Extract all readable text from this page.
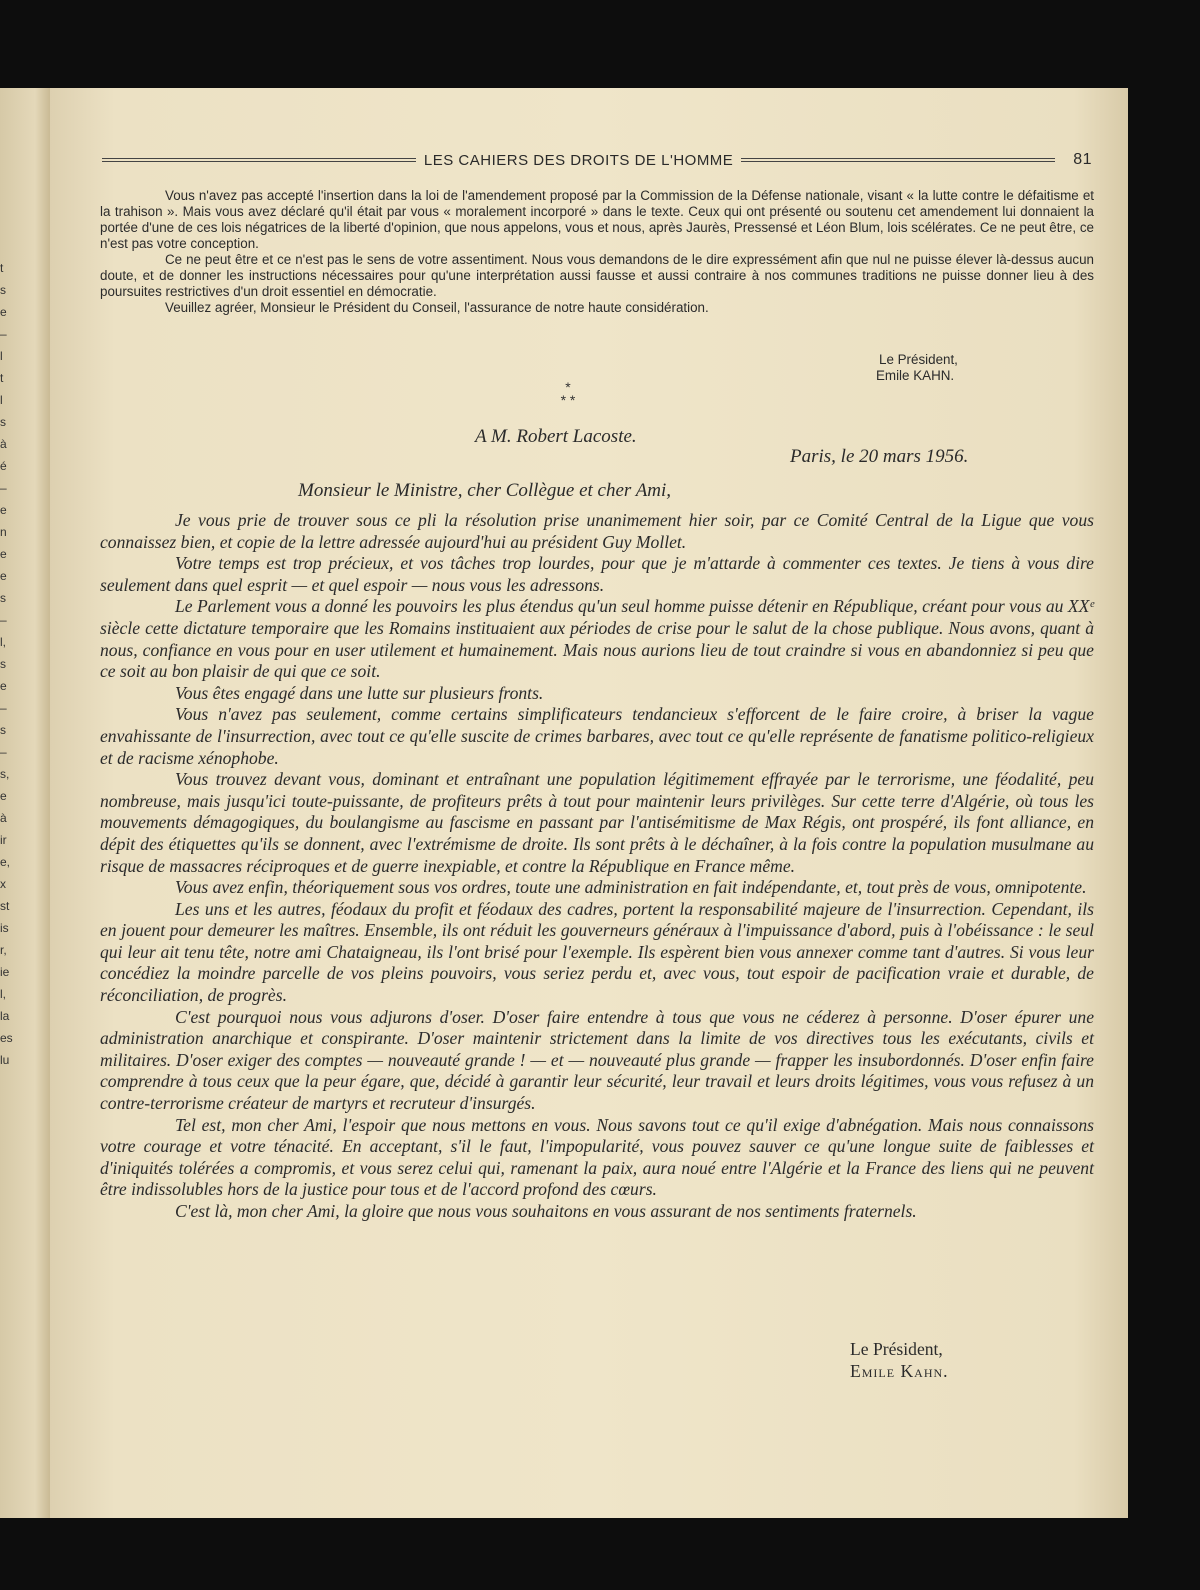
t
s
e
–
l
t
l
s
à
é
–
e
n
e
e
s
–
l,
s
e
–
s
–
s,
e
à
ir
e,
x
st
is
r,
ie
l,
la
es
lu
LES CAHIERS DES DROITS DE L'HOMME	81

Vous n'avez pas accepté l'insertion dans la loi de l'amendement proposé par la Commission de la Défense nationale, visant « la lutte contre le défaitisme et la trahison ». Mais vous avez déclaré qu'il était par vous « moralement incorporé » dans le texte. Ceux qui ont présenté ou soutenu cet amendement lui donnaient la portée d'une de ces lois négatrices de la liberté d'opinion, que nous appelons, vous et nous, après Jaurès, Pressensé et Léon Blum, lois scélérates. Ce ne peut être, ce n'est pas votre conception.

Ce ne peut être et ce n'est pas le sens de votre assentiment. Nous vous demandons de le dire expressément afin que nul ne puisse élever là-dessus aucun doute, et de donner les instructions nécessaires pour qu'une interprétation aussi fausse et aussi contraire à nos communes traditions ne puisse donner lieu à des poursuites restrictives d'un droit essentiel en démocratie.

Veuillez agréer, Monsieur le Président du Conseil, l'assurance de notre haute considération.

Le Président,
Emile KAHN.
*
* *
A M. Robert Lacoste.
Paris, le 20 mars 1956.
Monsieur le Ministre, cher Collègue et cher Ami,

Je vous prie de trouver sous ce pli la résolution prise unanimement hier soir, par ce Comité Central de la Ligue que vous connaissez bien, et copie de la lettre adressée aujourd'hui au président Guy Mollet.

Votre temps est trop précieux, et vos tâches trop lourdes, pour que je m'attarde à commenter ces textes. Je tiens à vous dire seulement dans quel esprit — et quel espoir — nous vous les adressons.

Le Parlement vous a donné les pouvoirs les plus étendus qu'un seul homme puisse détenir en République, créant pour vous au XXᵉ siècle cette dictature temporaire que les Romains instituaient aux périodes de crise pour le salut de la chose publique. Nous avons, quant à nous, confiance en vous pour en user utilement et humainement. Mais nous aurions lieu de tout craindre si vous en abandonniez si peu que ce soit au bon plaisir de qui que ce soit.

Vous êtes engagé dans une lutte sur plusieurs fronts.

Vous n'avez pas seulement, comme certains simplificateurs tendancieux s'efforcent de le faire croire, à briser la vague envahissante de l'insurrection, avec tout ce qu'elle suscite de crimes barbares, avec tout ce qu'elle représente de fanatisme politico-religieux et de racisme xénophobe.

Vous trouvez devant vous, dominant et entraînant une population légitimement effrayée par le terrorisme, une féodalité, peu nombreuse, mais jusqu'ici toute-puissante, de profiteurs prêts à tout pour maintenir leurs privilèges. Sur cette terre d'Algérie, où tous les mouvements démagogiques, du boulangisme au fascisme en passant par l'antisémitisme de Max Régis, ont prospéré, ils font alliance, en dépit des étiquettes qu'ils se donnent, avec l'extrémisme de droite. Ils sont prêts à le déchaîner, à la fois contre la population musulmane au risque de massacres réciproques et de guerre inexpiable, et contre la République en France même.

Vous avez enfin, théoriquement sous vos ordres, toute une administration en fait indépendante, et, tout près de vous, omnipotente.

Les uns et les autres, féodaux du profit et féodaux des cadres, portent la responsabilité majeure de l'insurrection. Cependant, ils en jouent pour demeurer les maîtres. Ensemble, ils ont réduit les gouverneurs généraux à l'impuissance d'abord, puis à l'obéissance : le seul qui leur ait tenu tête, notre ami Chataigneau, ils l'ont brisé pour l'exemple. Ils espèrent bien vous annexer comme tant d'autres. Si vous leur concédiez la moindre parcelle de vos pleins pouvoirs, vous seriez perdu et, avec vous, tout espoir de pacification vraie et durable, de réconciliation, de progrès.

C'est pourquoi nous vous adjurons d'oser. D'oser faire entendre à tous que vous ne céderez à personne. D'oser épurer une administration anarchique et conspirante. D'oser maintenir strictement dans la limite de vos directives tous les exécutants, civils et militaires. D'oser exiger des comptes — nouveauté grande ! — et — nouveauté plus grande — frapper les insubordonnés. D'oser enfin faire comprendre à tous ceux que la peur égare, que, décidé à garantir leur sécurité, leur travail et leurs droits légitimes, vous vous refusez à un contre-terrorisme créateur de martyrs et recruteur d'insurgés.

Tel est, mon cher Ami, l'espoir que nous mettons en vous. Nous savons tout ce qu'il exige d'abnégation. Mais nous connaissons votre courage et votre ténacité. En acceptant, s'il le faut, l'impopularité, vous pouvez sauver ce qu'une longue suite de faiblesses et d'iniquités tolérées a compromis, et vous serez celui qui, ramenant la paix, aura noué entre l'Algérie et la France des liens qui ne peuvent être indissolubles hors de la justice pour tous et de l'accord profond des cœurs.

C'est là, mon cher Ami, la gloire que nous vous souhaitons en vous assurant de nos sentiments fraternels.

Le Président,
Emile Kahn.
